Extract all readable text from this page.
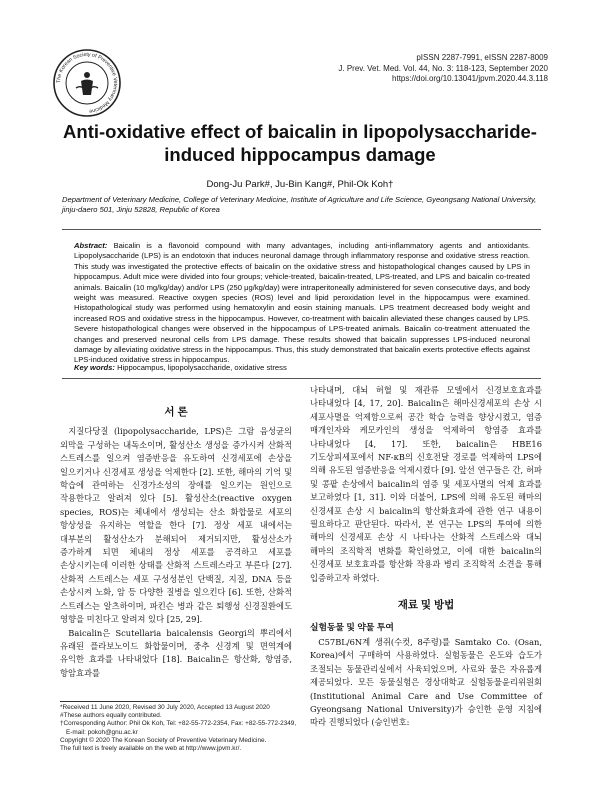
The Korean Society of Preventive Veterinary Medicine
pISSN 2287-7991, eISSN 2287-8009
J. Prev. Vet. Med. Vol. 44, No. 3: 118-123, September 2020
https://doi.org/10.13041/jpvm.2020.44.3.118
Anti-oxidative effect of baicalin in lipopolysaccharide-induced hippocampus damage
Dong-Ju Park#, Ju-Bin Kang#, Phil-Ok Koh†
Department of Veterinary Medicine, College of Veterinary Medicine, Institute of Agriculture and Life Science, Gyeongsang National University, jinju-daero 501, Jinju 52828, Republic of Korea
Abstract: Baicalin is a flavonoid compound with many advantages, including anti-inflammatory agents and antioxidants. Lipopolysaccharide (LPS) is an endotoxin that induces neuronal damage through inflammatory response and oxidative stress reaction. This study was investigated the protective effects of baicalin on the oxidative stress and histopathological changes caused by LPS in hippocampus. Adult mice were divided into four groups; vehicle-treated, baicalin-treated, LPS-treated, and LPS and baicalin co-treated animals. Baicalin (10 mg/kg/day) and/or LPS (250 μg/kg/day) were intraperitoneally administered for seven consecutive days, and body weight was measured. Reactive oxygen species (ROS) level and lipid peroxidation level in the hippocampus were examined. Histopathological study was performed using hematoxylin and eosin staining manuals. LPS treatment decreased body weight and increased ROS and oxidative stress in the hippocampus. However, co-treatment with baicalin alleviated these changes caused by LPS. Severe histopathological changes were observed in the hippocampus of LPS-treated animals. Baicalin co-treatment attenuated the changes and preserved neuronal cells from LPS damage. These results showed that baicalin suppresses LPS-induced neuronal damage by alleviating oxidative stress in the hippocampus. Thus, this study demonstrated that baicalin exerts protective effects against LPS-induced oxidative stress in hippocampus.
Key words: Hippocampus, lipopolysaccharide, oxidative stress
서 론

지질다당질 (lipopolysaccharide, LPS)은 그람 음성균의 외막을 구성하는 내독소이며, 활성산소 생성을 증가시켜 산화적 스트레스를 일으켜 염증반응을 유도하여 신경세포에 손상을 일으키거나 신경세포 생성을 억제한다 [2]. 또한, 해마의 기억 및 학습에 관여하는 신경가소성의 장애를 일으키는 원인으로 작용한다고 알려져 있다 [5]. 활성산소(reactive oxygen species, ROS)는 체내에서 생성되는 산소 화합물로 세포의 항상성을 유지하는 역할을 한다 [7]. 정상 세포 내에서는 대부분의 활성산소가 분해되어 제거되지만, 활성산소가 증가하게 되면 체내의 정상 세포를 공격하고 세포를 손상시키는데 이러한 상태를 산화적 스트레스라고 부른다 [27]. 산화적 스트레스는 세포 구성성분인 단백질, 지질, DNA 등을 손상시켜 노화, 암 등 다양한 질병을 일으킨다 [6]. 또한, 산화적 스트레스는 알츠하이머, 파킨슨 병과 같은 퇴행성 신경질환에도 영향을 미친다고 알려져 있다 [25, 29].

Baicalin은 Scutellaria baicalensis Georgi의 뿌리에서 유래된 플라보노이드 화합물이며, 중추 신경계 및 면역계에 유익한 효과를 나타내었다 [18]. Baicalin은 항산화, 항염증, 항암효과를

*Received 11 June 2020, Revised 30 July 2020, Accepted 13 August 2020
#These authors equally contributed.
†Corresponding Author: Phil Ok Koh, Tel: +82-55-772-2354, Fax: +82-55-772-2349,
E-mail: pokoh@gnu.ac.kr
Copyright © 2020 The Korean Society of Preventive Veterinary Medicine.
The full text is freely available on the web at http://www.jpvm.kr/.

나타내며, 대뇌 허혈 및 재관류 모델에서 신경보호효과를 나타내었다 [4, 17, 20]. Baicalin은 해마신경세포의 손상 시 세포사멸을 억제함으로써 공간 학습 능력을 향상시켰고, 염증 매개인자와 케모카인의 생성을 억제하여 항염증 효과를 나타내었다 [4, 17]. 또한, baicalin은 HBE16 기도상피세포에서 NF-κB의 신호전달 경로를 억제하여 LPS에 의해 유도된 염증반응을 억제시켰다 [9]. 앞선 연구들은 간, 허파 및 콩팥 손상에서 baicalin의 염증 및 세포사멸의 억제 효과를 보고하였다 [1, 31]. 이와 더불어, LPS에 의해 유도된 해마의 신경세포 손상 시 baicalin의 항산화효과에 관한 연구 내용이 필요하다고 판단된다. 따라서, 본 연구는 LPS의 투여에 의한 해마의 신경세포 손상 시 나타나는 산화적 스트레스와 대뇌 해마의 조직학적 변화를 확인하였고, 이에 대한 baicalin의 신경세포 보호효과를 항산화 작용과 병리 조직학적 소견을 통해 입증하고자 하였다.

재료 및 방법
실험동물 및 약물 투여

C57BL/6N계 생쥐(수컷, 8주령)를 Samtako Co. (Osan, Korea)에서 구매하여 사용하였다. 실험동물은 온도와 습도가 조절되는 동물관리실에서 사육되었으며, 사료와 물은 자유롭게 제공되었다. 모든 동물실험은 경상대학교 실험동물윤리위원회(Institutional Animal Care and Use Committee of Gyeongsang National University)가 승인한 운영 지침에 따라 진행되었다 (승인번호:
